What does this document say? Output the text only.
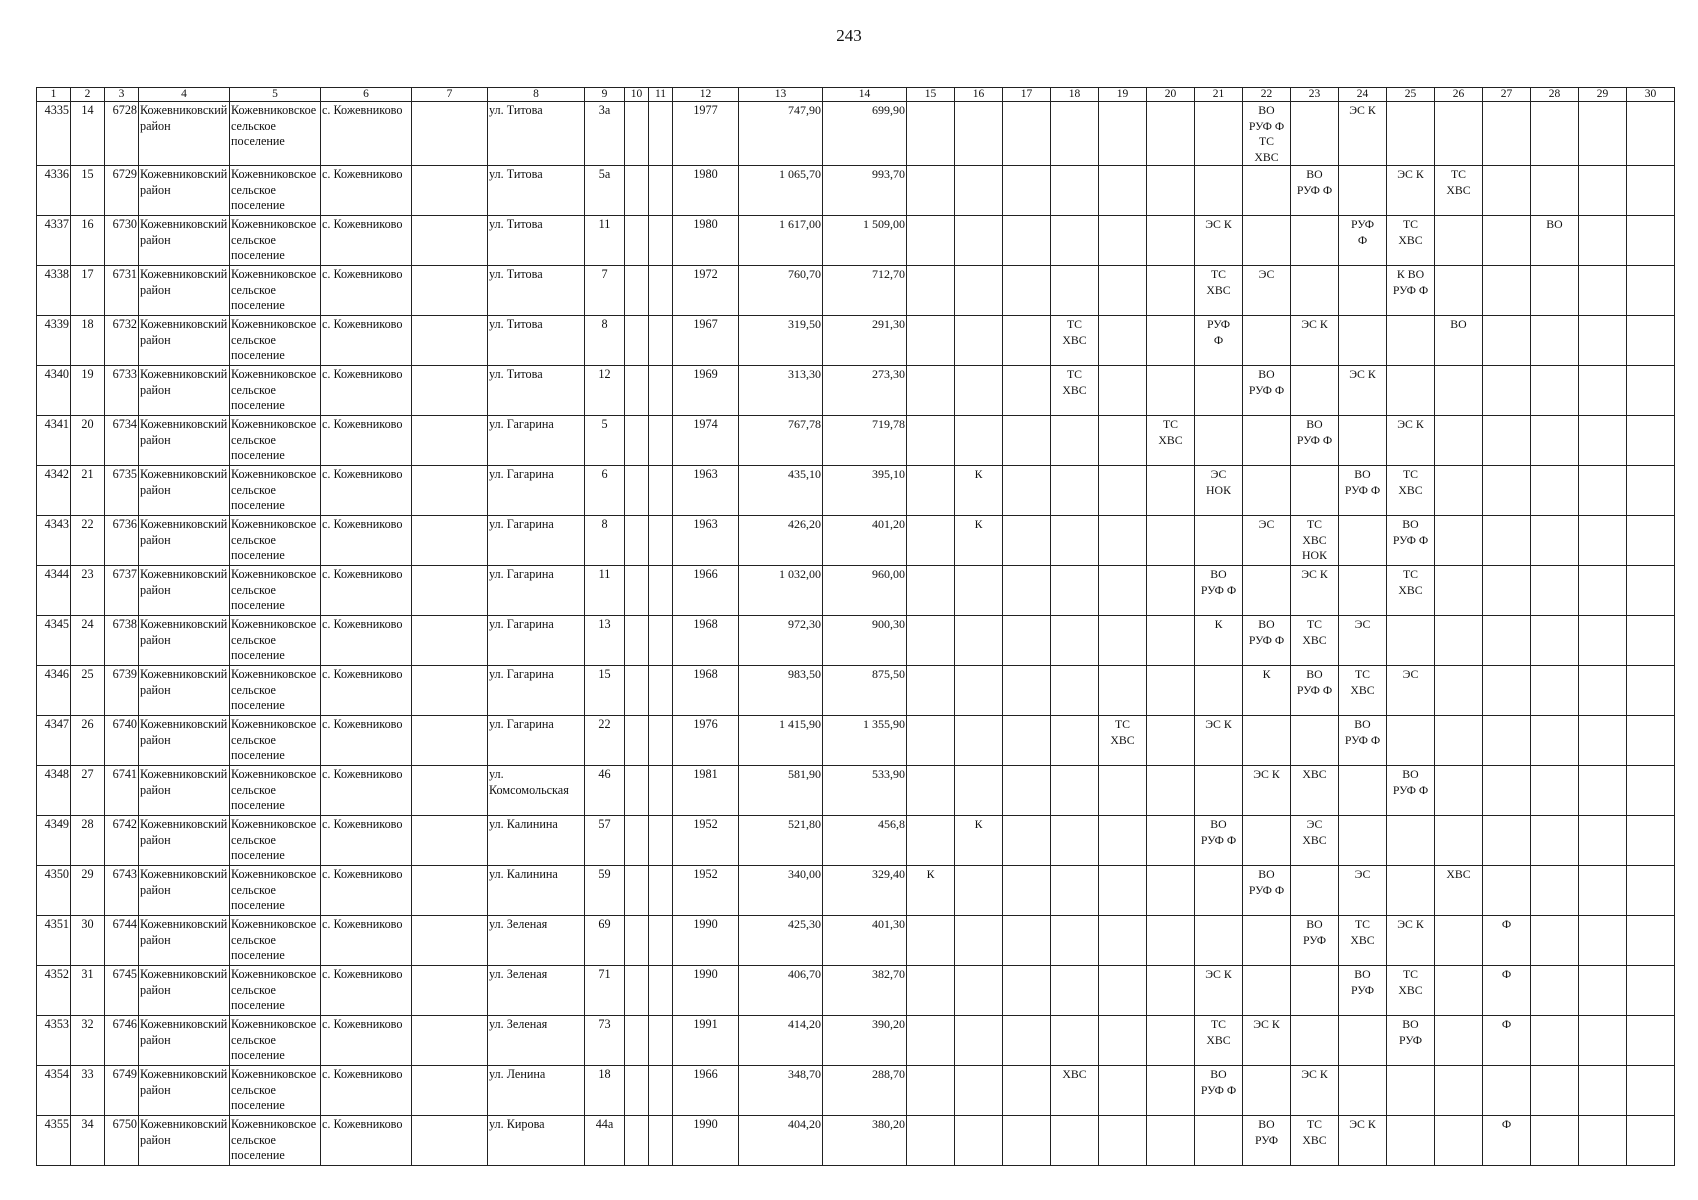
243
1	2	3	4	5	6	7	8	9	10	11	12	13	14	15	16	17	18	19	20	21	22	23	24	25	26	27	28	29	30
4335	14	6728	Кожевниковский район	Кожевниковское сельское поселение	с. Кожевниково		ул. Титова	3а			1977	747,90	699,90								ВО
РУФ Ф
ТС
ХВС		ЭС К						
4336	15	6729	Кожевниковский район	Кожевниковское сельское поселение	с. Кожевниково		ул. Титова	5а			1980	1 065,70	993,70									ВО
РУФ Ф		ЭС К	ТС
ХВС				
4337	16	6730	Кожевниковский район	Кожевниковское сельское поселение	с. Кожевниково		ул. Титова	11			1980	1 617,00	1 509,00							ЭС К			РУФ
Ф	ТС
ХВС			ВО		
4338	17	6731	Кожевниковский район	Кожевниковское сельское поселение	с. Кожевниково		ул. Титова	7			1972	760,70	712,70							ТС
ХВС	ЭС			К ВО
РУФ Ф					
4339	18	6732	Кожевниковский район	Кожевниковское сельское поселение	с. Кожевниково		ул. Титова	8			1967	319,50	291,30				ТС
ХВС			РУФ
Ф		ЭС К			ВО				
4340	19	6733	Кожевниковский район	Кожевниковское сельское поселение	с. Кожевниково		ул. Титова	12			1969	313,30	273,30				ТС
ХВС				ВО
РУФ Ф		ЭС К						
4341	20	6734	Кожевниковский район	Кожевниковское сельское поселение	с. Кожевниково		ул. Гагарина	5			1974	767,78	719,78						ТС
ХВС			ВО
РУФ Ф		ЭС К					
4342	21	6735	Кожевниковский район	Кожевниковское сельское поселение	с. Кожевниково		ул. Гагарина	6			1963	435,10	395,10		К					ЭС
НОК			ВО
РУФ Ф	ТС
ХВС					
4343	22	6736	Кожевниковский район	Кожевниковское сельское поселение	с. Кожевниково		ул. Гагарина	8			1963	426,20	401,20		К						ЭС	ТС
ХВС
НОК		ВО
РУФ Ф					
4344	23	6737	Кожевниковский район	Кожевниковское сельское поселение	с. Кожевниково		ул. Гагарина	11			1966	1 032,00	960,00							ВО
РУФ Ф		ЭС К		ТС
ХВС					
4345	24	6738	Кожевниковский район	Кожевниковское сельское поселение	с. Кожевниково		ул. Гагарина	13			1968	972,30	900,30							К	ВО
РУФ Ф	ТС
ХВС	ЭС						
4346	25	6739	Кожевниковский район	Кожевниковское сельское поселение	с. Кожевниково		ул. Гагарина	15			1968	983,50	875,50								К	ВО
РУФ Ф	ТС
ХВС	ЭС					
4347	26	6740	Кожевниковский район	Кожевниковское сельское поселение	с. Кожевниково		ул. Гагарина	22			1976	1 415,90	1 355,90					ТС
ХВС		ЭС К			ВО
РУФ Ф						
4348	27	6741	Кожевниковский район	Кожевниковское сельское поселение	с. Кожевниково		ул. Комсомольская	46			1981	581,90	533,90								ЭС К	ХВС		ВО
РУФ Ф					
4349	28	6742	Кожевниковский район	Кожевниковское сельское поселение	с. Кожевниково		ул. Калинина	57			1952	521,80	456,8		К					ВО
РУФ Ф		ЭС
ХВС							
4350	29	6743	Кожевниковский район	Кожевниковское сельское поселение	с. Кожевниково		ул. Калинина	59			1952	340,00	329,40	К							ВО
РУФ Ф		ЭС		ХВС				
4351	30	6744	Кожевниковский район	Кожевниковское сельское поселение	с. Кожевниково		ул. Зеленая	69			1990	425,30	401,30									ВО
РУФ	ТС
ХВС	ЭС К		Ф			
4352	31	6745	Кожевниковский район	Кожевниковское сельское поселение	с. Кожевниково		ул. Зеленая	71			1990	406,70	382,70							ЭС К			ВО
РУФ	ТС
ХВС		Ф			
4353	32	6746	Кожевниковский район	Кожевниковское сельское поселение	с. Кожевниково		ул. Зеленая	73			1991	414,20	390,20							ТС
ХВС	ЭС К			ВО
РУФ		Ф			
4354	33	6749	Кожевниковский район	Кожевниковское сельское поселение	с. Кожевниково		ул. Ленина	18			1966	348,70	288,70				ХВС			ВО
РУФ Ф		ЭС К							
4355	34	6750	Кожевниковский район	Кожевниковское сельское поселение	с. Кожевниково		ул. Кирова	44а			1990	404,20	380,20								ВО
РУФ	ТС
ХВС	ЭС К			Ф			
